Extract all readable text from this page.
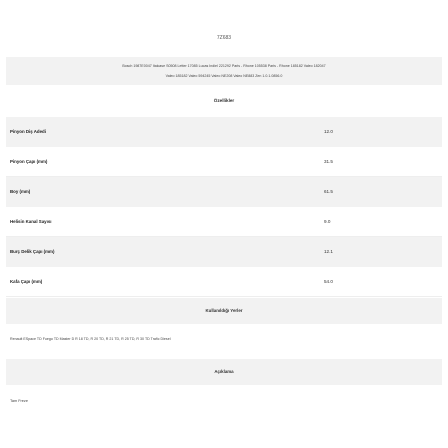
7Z683
Bosch 1987E0047 Italcase S0508 Letter 17085 Lucas Indiel 221292 Paris - Rhone 105538 Paris - Rhone 185182 Valeo 182047
Valeo 185182 Valeo 594245 Valeo NE208 Valeo NE883 Zen 1.0.1.0856.0
Özellikler
Pinyon Diş Adedi	12.0
Pinyon Çapı (mm)	31.5
Boy (mm)	61.5
Helisin Kanal Sayısı	9.0
Burç Delik Çapı (mm)	12.1
Kafa Çapı (mm)	54.0
Kullanıldığı Yerler
Renault ESpace TD Fuego TD Master D R 18 TD, R 20 TD, R 21 TD, R 25 TD, R 30 TD Trafic Diesel
Açıklama
Tam Freze
